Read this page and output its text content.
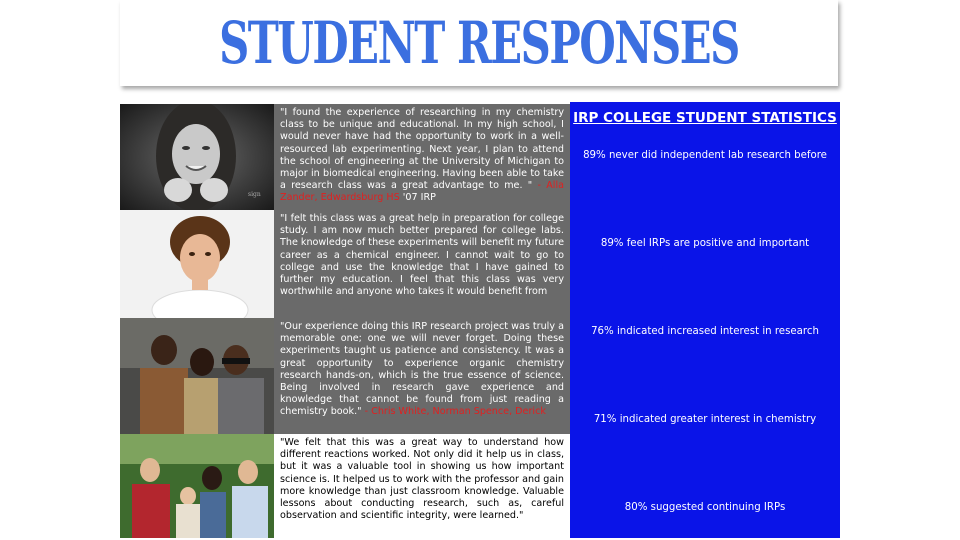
STUDENT RESPONSES
sign
"I found the experience of researching in my chemistry class to be unique and educational. In my high school, I would never have had the opportunity to work in a well-resourced lab experimenting. Next year, I plan to attend the school of engineering at the University of Michigan to major in biomedical engineering. Having been able to take a research class was a great advantage to me. " - Alla Zander, Edwardsburg HS '07 IRP
"I felt this class was a great help in preparation for college study. I am now much better prepared for college labs. The knowledge of these experiments will benefit my future career as a chemical engineer. I cannot wait to go to college and use the knowledge that I have gained to further my education. I feel that this class was very worthwhile and anyone who takes it would benefit from
"Our experience doing this IRP research project was truly a memorable one; one we will never forget. Doing these experiments taught us patience and consistency. It was a great opportunity to experience organic chemistry research hands-on, which is the true essence of science. Being involved in research gave experience and knowledge that cannot be found from just reading a chemistry book." - Chris White, Norman Spence, Derick
"We felt that this was a great way to understand how different reactions worked. Not only did it help us in class, but it was a valuable tool in showing us how important science is. It helped us to work with the professor and gain more knowledge than just classroom knowledge. Valuable lessons about conducting research, such as, careful observation and scientific integrity, were learned."
IRP COLLEGE STUDENT STATISTICS
89% never did independent lab research before
89% feel IRPs are positive and important
76% indicated increased interest in research
71% indicated greater interest in chemistry
80% suggested continuing IRPs
